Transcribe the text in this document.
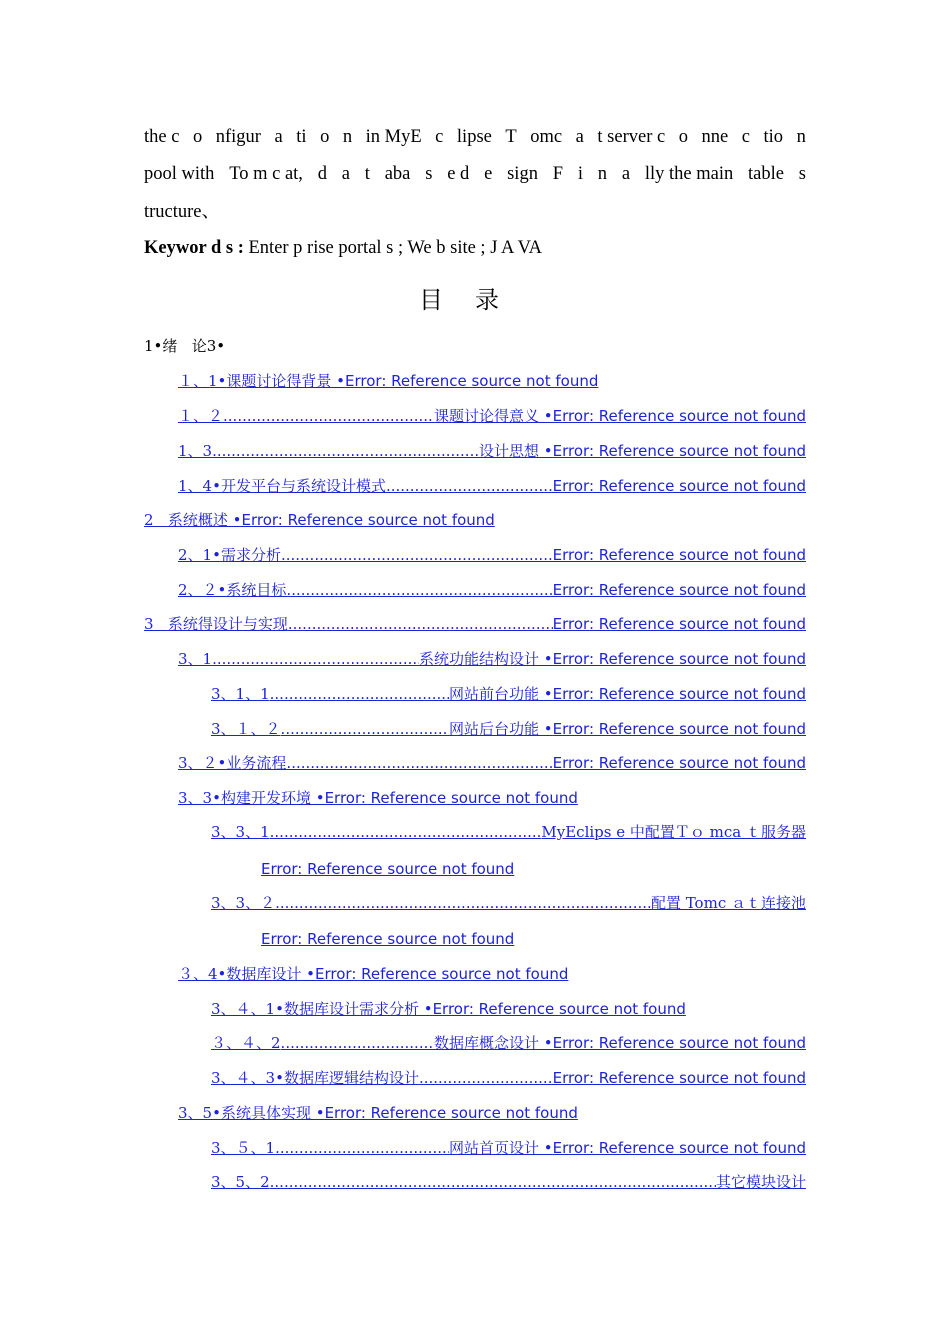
the c o nfigur a ti o n in MyE c lipse T omc a t server c o nne c tio n
pool with To m c at, d a t aba s e d e sign F i n a lly the main table s
tructure、
Keywor d s : Enter p rise portal s ; We b site ; J A VA
目录
1•绪   论3•
１、1• 课题讨论得背景 • Error: Reference source not found
１、２ .....	课题讨论得意义 • Error: Reference source not found
1、3 .....	设计思想 • Error: Reference source not found
1、4• 开发平台与系统设计模式 .....	Error: Reference source not found
2 系统概述 • Error: Reference source not found
2、1• 需求分析 .....	Error: Reference source not found
2、２• 系统目标 .....	Error: Reference source not found
3 系统得设计与实现 .....	Error: Reference source not found
3、1 .....	系统功能结构设计 • Error: Reference source not found
3、1、1 .....	网站前台功能 • Error: Reference source not found
3、１、２ .....	网站后台功能 • Error: Reference source not found
3、２• 业务流程 .....	Error: Reference source not found
3、3• 构建开发环境 • Error: Reference source not found
3、3、1 .....	MyEclips e 中配置Ｔｏ mca ｔ服务器
Error: Reference source not found
3、3、２ .....	配置 Tomc ａｔ连接池
Error: Reference source not found
３、4• 数据库设计 • Error: Reference source not found
3、４、1• 数据库设计需求分析 • Error: Reference source not found
３、４、2 .....	数据库概念设计 • Error: Reference source not found
3、４、3• 数据库逻辑结构设计 .....	Error: Reference source not found
3、5• 系统具体实现 • Error: Reference source not found
3、５、1 .....	网站首页设计 • Error: Reference source not found
3、5、2 .....	其它模块设计
